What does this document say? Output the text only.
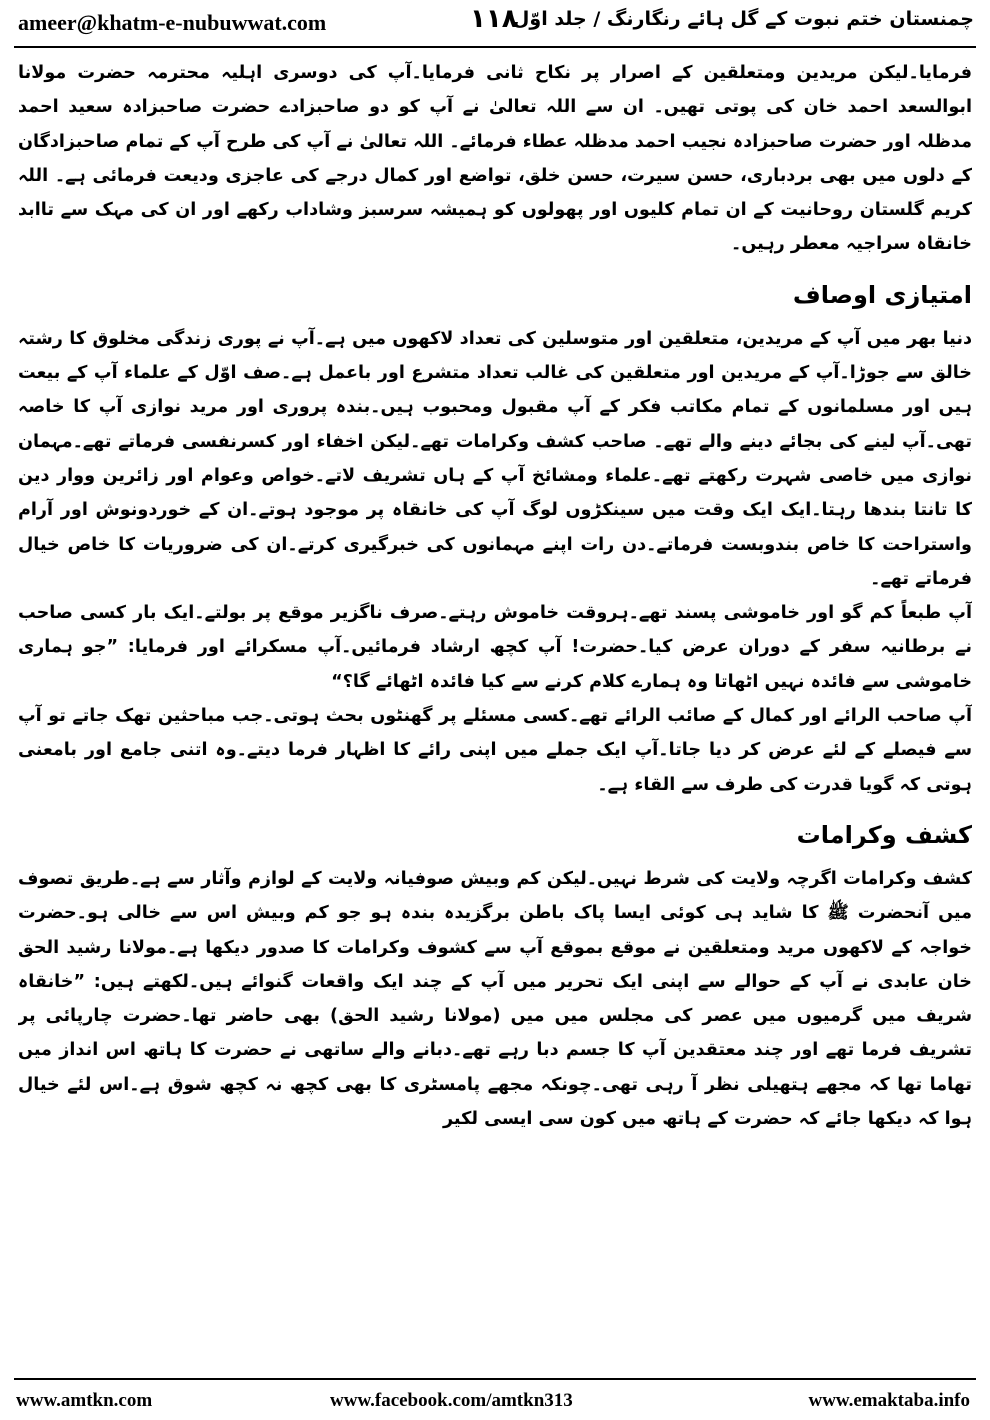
ameer@khatm-e-nubuwwat.com	١١٨
چمنستان ختم نبوت کے گل ہائے رنگارنگ / جلد اوّل

فرمایا۔لیکن مریدین ومتعلقین کے اصرار پر نکاح ثانی فرمایا۔آپ کی دوسری اہلیہ محترمہ حضرت مولانا ابوالسعد احمد خان کی پوتی تھیں۔ ان سے اللہ تعالیٰ نے آپ کو دو صاحبزادے حضرت صاحبزادہ سعید احمد مدظلہ اور حضرت صاحبزادہ نجیب احمد مدظلہ عطاء فرمائے۔ اللہ تعالیٰ نے آپ کی طرح آپ کے تمام صاحبزادگان کے دلوں میں بھی بردباری، حسن سیرت، حسن خلق، تواضع اور کمال درجے کی عاجزی ودیعت فرمائی ہے۔ اللہ کریم گلستان روحانیت کے ان تمام کلیوں اور پھولوں کو ہمیشہ سرسبز وشاداب رکھے اور ان کی مہک سے تاابد خانقاہ سراجیہ معطر رہیں۔

امتیازی اوصاف

دنیا بھر میں آپ کے مریدین، متعلقین اور متوسلین کی تعداد لاکھوں میں ہے۔آپ نے پوری زندگی مخلوق کا رشتہ خالق سے جوڑا۔آپ کے مریدین اور متعلقین کی غالب تعداد متشرع اور باعمل ہے۔صف اوّل کے علماء آپ کے بیعت ہیں اور مسلمانوں کے تمام مکاتب فکر کے آپ مقبول ومحبوب ہیں۔بندہ پروری اور مرید نوازی آپ کا خاصہ تھی۔آپ لینے کی بجائے دینے والے تھے۔ صاحب کشف وکرامات تھے۔لیکن اخفاء اور کسرنفسی فرماتے تھے۔مہمان نوازی میں خاصی شہرت رکھتے تھے۔علماء ومشائخ آپ کے ہاں تشریف لاتے۔خواص وعوام اور زائرین ووار دین کا تانتا بندھا رہتا۔ایک ایک وقت میں سینکڑوں لوگ آپ کی خانقاہ پر موجود ہوتے۔ان کے خوردونوش اور آرام واستراحت کا خاص بندوبست فرماتے۔دن رات اپنے مہمانوں کی خبرگیری کرتے۔ان کی ضروریات کا خاص خیال فرماتے تھے۔

آپ طبعاً کم گو اور خاموشی پسند تھے۔ہروقت خاموش رہتے۔صرف ناگزیر موقع پر بولتے۔ایک بار کسی صاحب نے برطانیہ سفر کے دوران عرض کیا۔حضرت! آپ کچھ ارشاد فرمائیں۔آپ مسکرائے اور فرمایا: ”جو ہماری خاموشی سے فائدہ نہیں اٹھاتا وہ ہمارے کلام کرنے سے کیا فائدہ اٹھائے گا؟“

آپ صاحب الرائے اور کمال کے صائب الرائے تھے۔کسی مسئلے پر گھنٹوں بحث ہوتی۔جب مباحثین تھک جاتے تو آپ سے فیصلے کے لئے عرض کر دیا جاتا۔آپ ایک جملے میں اپنی رائے کا اظہار فرما دیتے۔وہ اتنی جامع اور بامعنی ہوتی کہ گویا قدرت کی طرف سے القاء ہے۔

کشف وکرامات

کشف وکرامات اگرچہ ولایت کی شرط نہیں۔لیکن کم وبیش صوفیانہ ولایت کے لوازم وآثار سے ہے۔طریق تصوف میں آنحضرت ﷺ کا شاید ہی کوئی ایسا پاک باطن برگزیدہ بندہ ہو جو کم وبیش اس سے خالی ہو۔حضرت خواجہ کے لاکھوں مرید ومتعلقین نے موقع بموقع آپ سے کشوف وکرامات کا صدور دیکھا ہے۔مولانا رشید الحق خان عابدی نے آپ کے حوالے سے اپنی ایک تحریر میں آپ کے چند ایک واقعات گنوائے ہیں۔لکھتے ہیں: ”خانقاہ شریف میں گرمیوں میں عصر کی مجلس میں میں (مولانا رشید الحق) بھی حاضر تھا۔حضرت چارپائی پر تشریف فرما تھے اور چند معتقدین آپ کا جسم دبا رہے تھے۔دبانے والے ساتھی نے حضرت کا ہاتھ اس انداز میں تھاما تھا کہ مجھے ہتھیلی نظر آ رہی تھی۔چونکہ مجھے پامسٹری کا بھی کچھ نہ کچھ شوق ہے۔اس لئے خیال ہوا کہ دیکھا جائے کہ حضرت کے ہاتھ میں کون سی ایسی لکیر

www.amtkn.com	www.facebook.com/amtkn313	www.emaktaba.info
